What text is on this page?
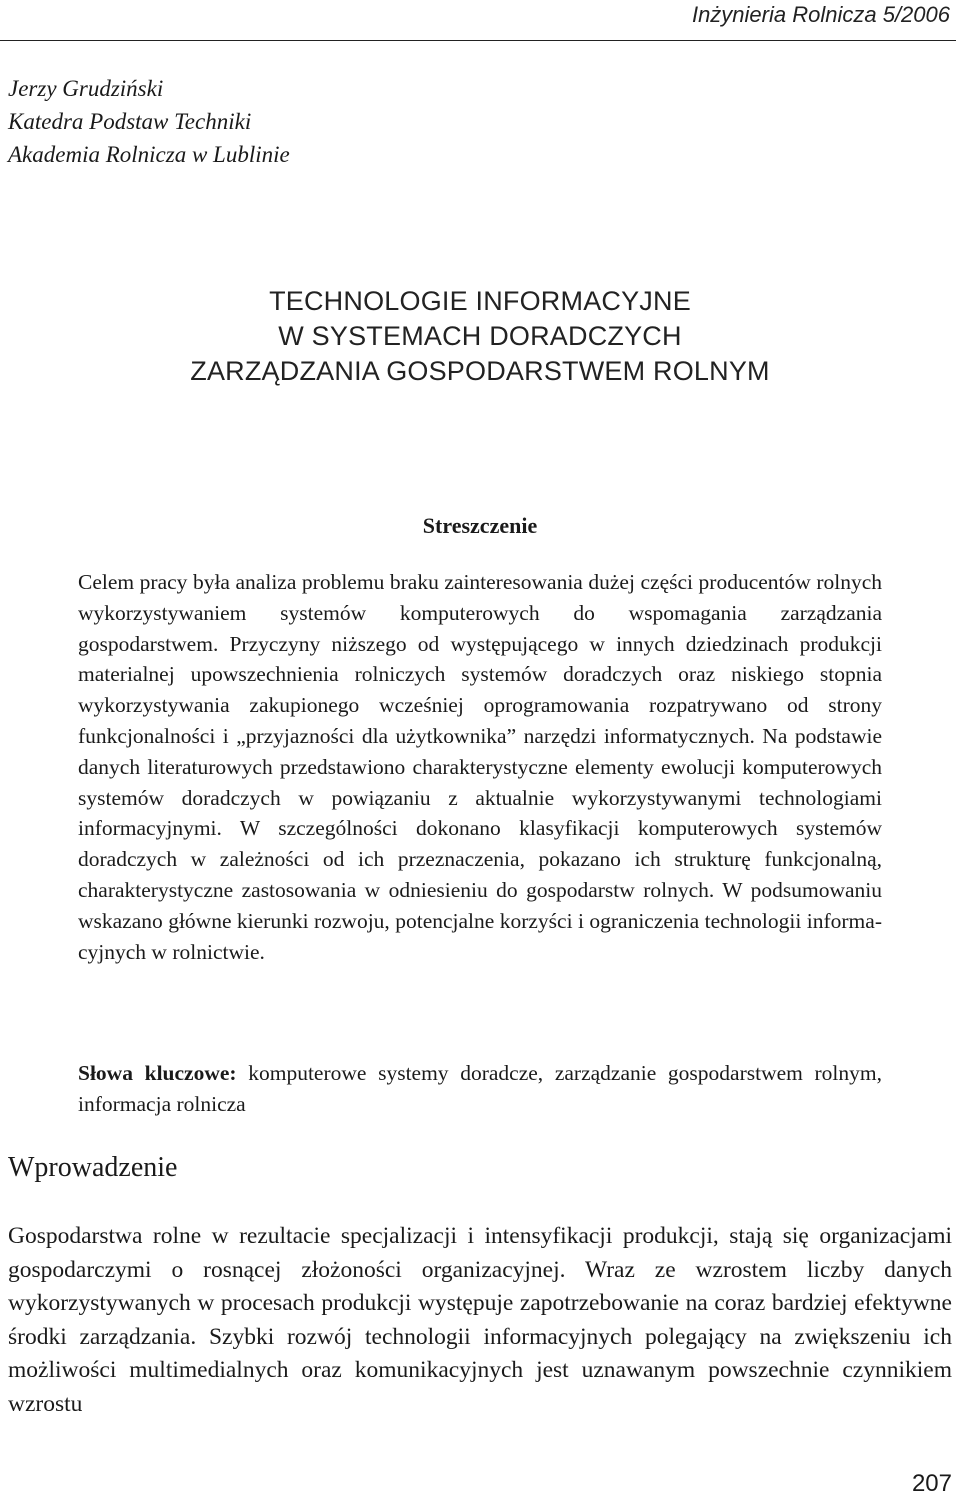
Inżynieria Rolnicza 5/2006
Jerzy Grudziński
Katedra Podstaw Techniki
Akademia Rolnicza w Lublinie
TECHNOLOGIE INFORMACYJNE
W SYSTEMACH DORADCZYCH
ZARZĄDZANIA GOSPODARSTWEM ROLNYM
Streszczenie

Celem pracy była analiza problemu braku zainteresowania dużej części producentów rolnych wykorzystywaniem systemów komputerowych do wspomagania zarządzania gospodarstwem. Przyczyny niższego od występującego w innych dziedzinach produkcji materialnej upowszechnienia rolniczych systemów doradczych oraz niskiego stopnia wykorzystywania zakupionego wcześniej oprogramowania rozpatrywano od strony funkcjonalności i „przyjazności dla użytkownika” narzędzi informatycznych. Na podstawie danych literaturowych przedstawiono charakterystyczne elementy ewolucji komputerowych systemów doradczych w powiązaniu z aktualnie wykorzystywanymi technologiami informacyjnymi. W szczególności dokonano klasyfikacji komputerowych systemów doradczych w zależności od ich przeznaczenia, pokazano ich strukturę funkcjonalną, charakterystyczne zastosowania w odniesieniu do gospodarstw rolnych. W podsumowaniu wskazano główne kierunki rozwoju, potencjalne korzyści i ograniczenia technologii informacyjnych w rolnictwie.

Słowa kluczowe: komputerowe systemy doradcze, zarządzanie gospodarstwem rolnym, informacja rolnicza

Wprowadzenie

Gospodarstwa rolne w rezultacie specjalizacji i intensyfikacji produkcji, stają się organizacjami gospodarczymi o rosnącej złożoności organizacyjnej. Wraz ze wzrostem liczby danych wykorzystywanych w procesach produkcji występuje zapotrzebowanie na coraz bardziej efektywne środki zarządzania. Szybki rozwój technologii informacyjnych polegający na zwiększeniu ich możliwości multimedialnych oraz komunikacyjnych jest uznawanym powszechnie czynnikiem wzrostu

207
